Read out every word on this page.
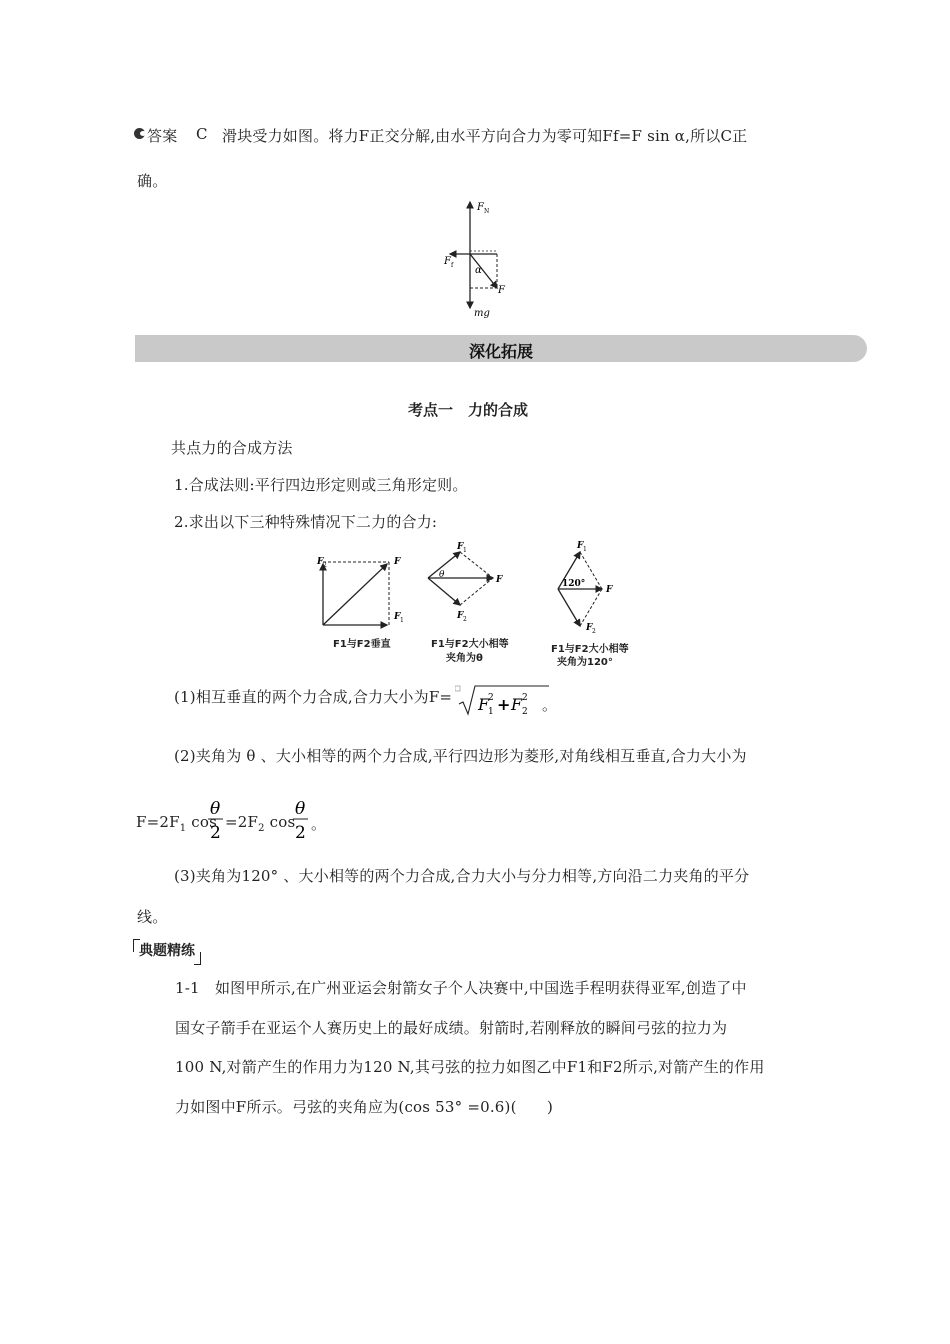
答案 C 滑块受力如图。将力F正交分解,由水平方向合力为零可知Ff=F sin α,所以C正
确。
F N
F f α
F
mg
深化拓展
考点一　力的合成
共点力的合成方法
1.合成法则:平行四边形定则或三角形定则。
2.求出以下三种特殊情况下二力的合力:
F 2	F
F 1
F 1
F 2
F
θ
F 1
F 2
F
120°
F1与F2垂直	F1与F2大小相等
夹角为θ
F1与F2大小相等
夹角为120°
(1)相互垂直的两个力合成,合力大小为F= F
2
1 + F 2
2 。
(2)夹角为 θ 、大小相等的两个力合成,平行四边形为菱形,对角线相互垂直,合力大小为
$F=2F_1$ cos
θ
2
$=2F_2$ cos
θ
2 。
(3)夹角为120° 、大小相等的两个力合成,合力大小与分力相等,方向沿二力夹角的平分
线。
典题精练
1-1　如图甲所示,在广州亚运会射箭女子个人决赛中,中国选手程明获得亚军,创造了中
国女子箭手在亚运个人赛历史上的最好成绩。射箭时,若刚释放的瞬间弓弦的拉力为
100 N,对箭产生的作用力为120 N,其弓弦的拉力如图乙中F1和F2所示,对箭产生的作用
力如图中F所示。弓弦的夹角应为(cos 53° =0.6)(　　)
